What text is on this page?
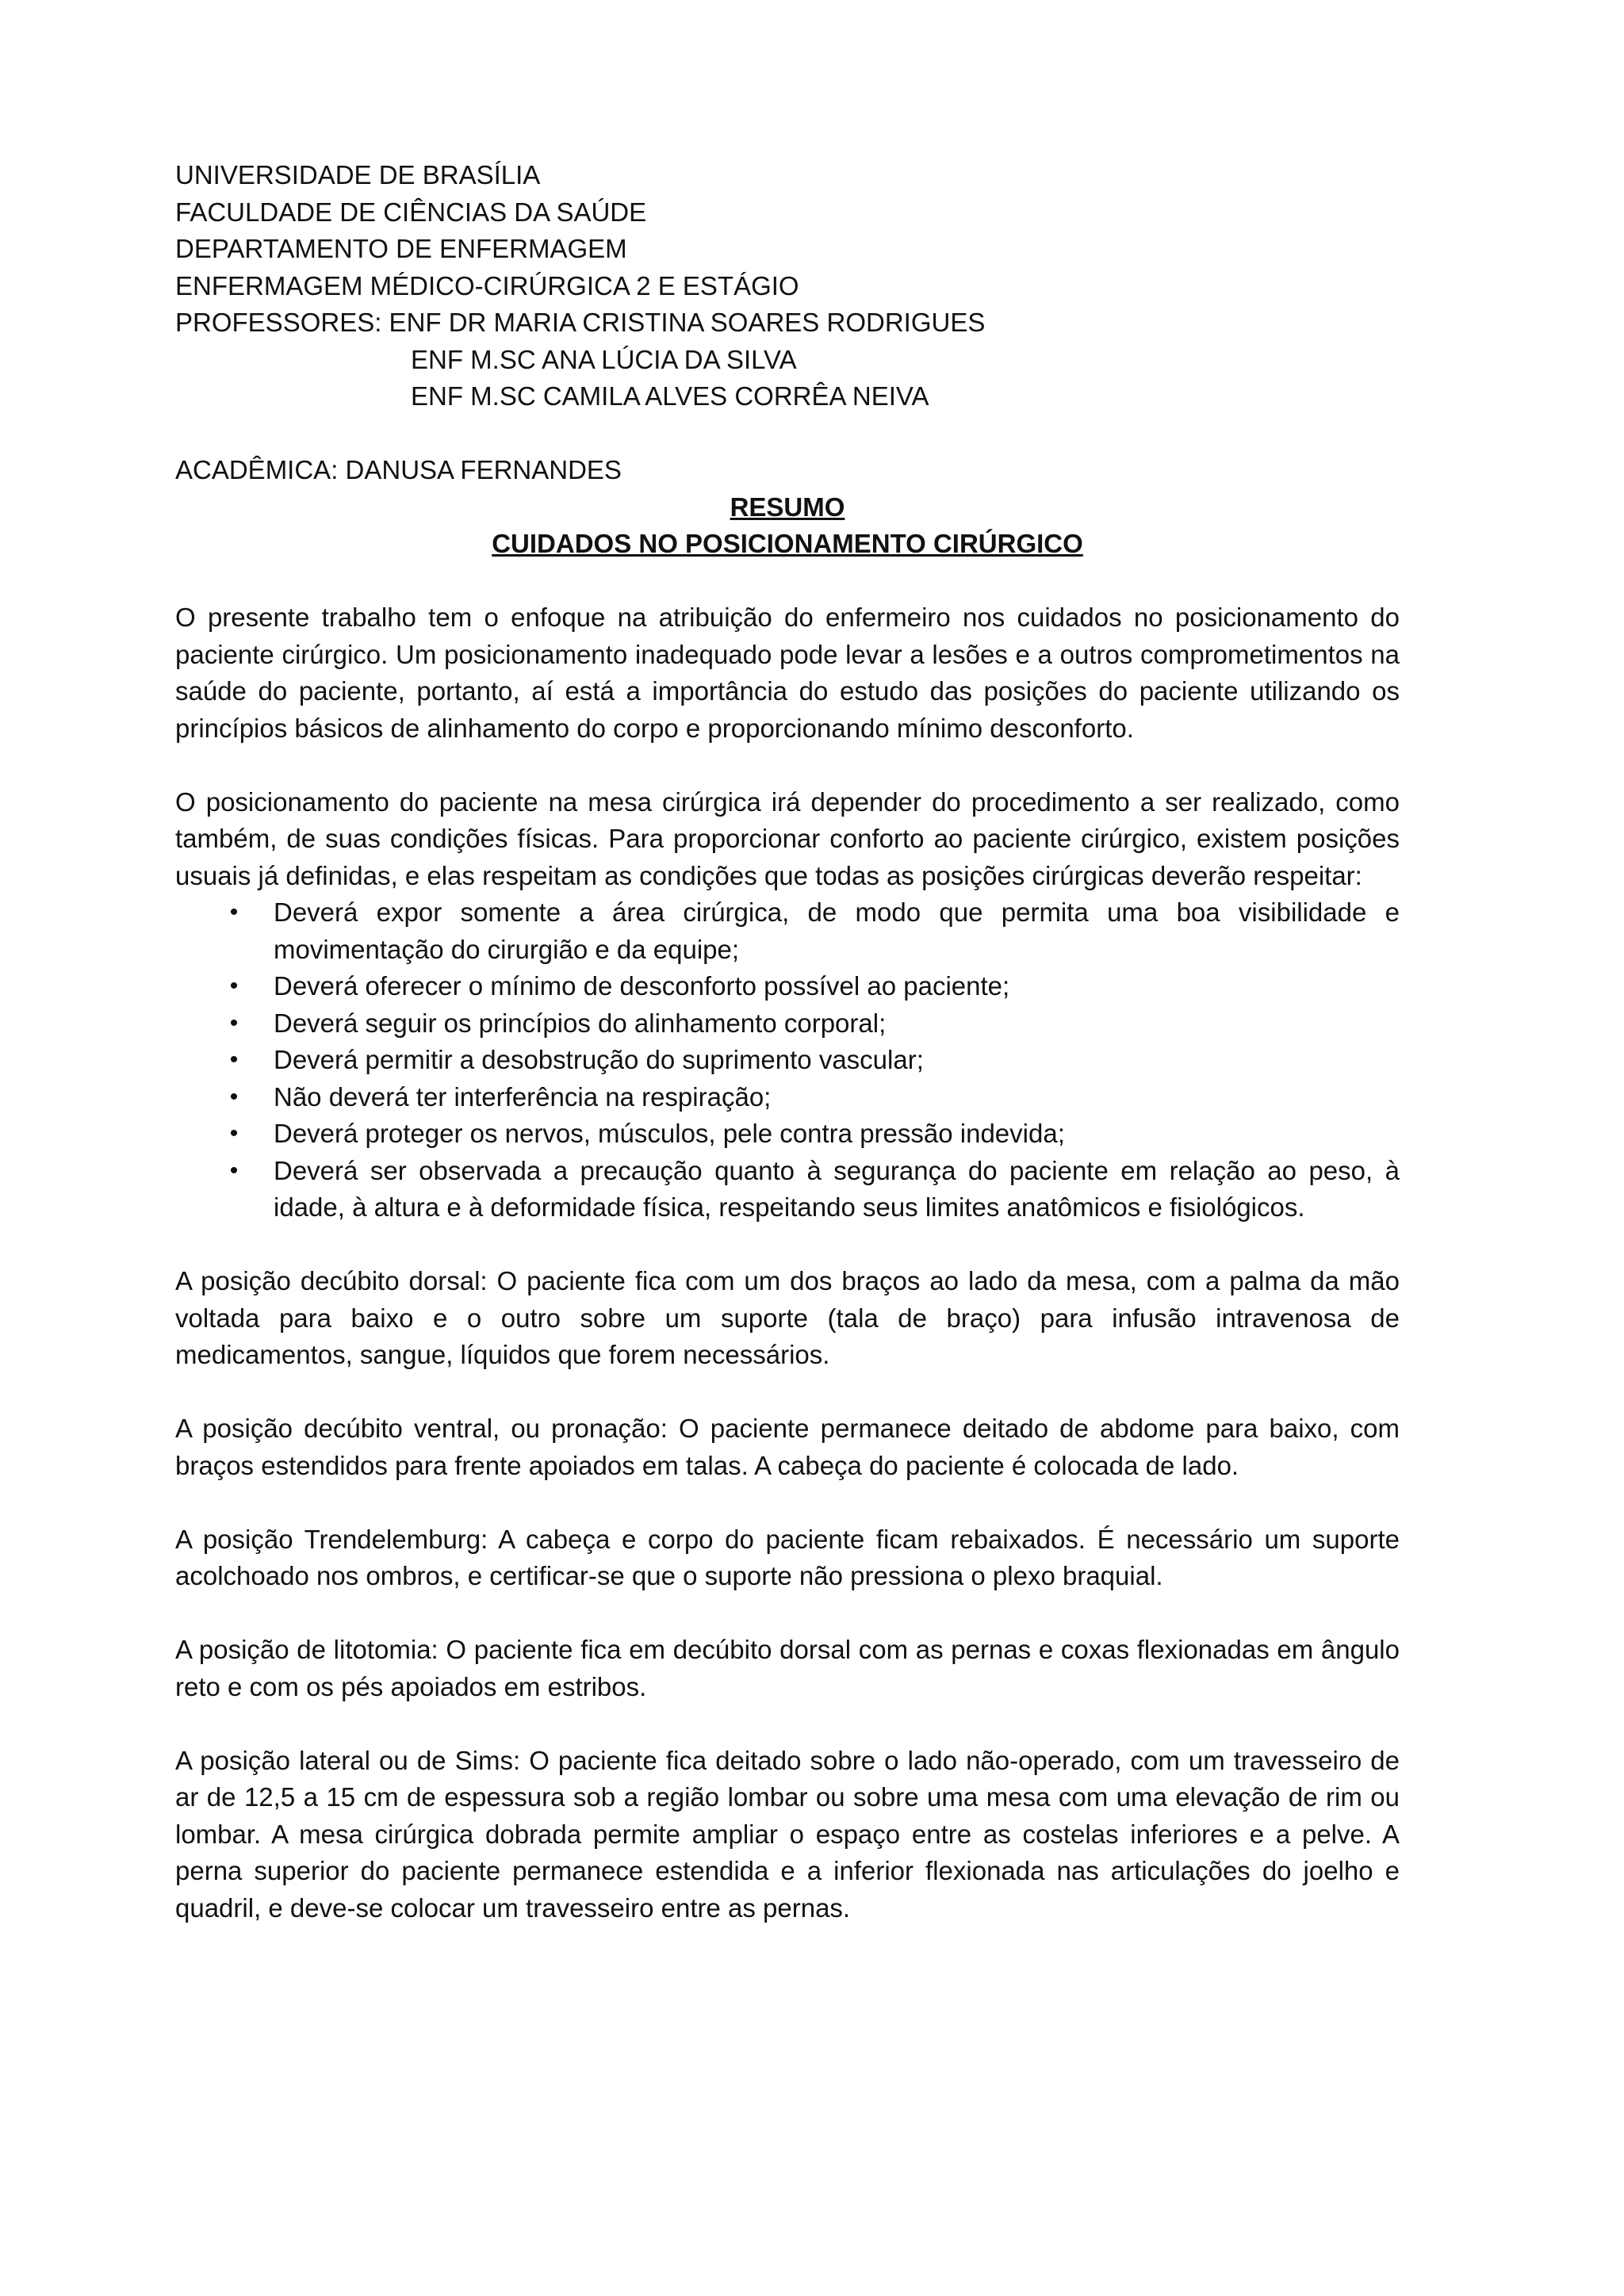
UNIVERSIDADE DE BRASÍLIA
FACULDADE DE CIÊNCIAS DA SAÚDE
DEPARTAMENTO DE ENFERMAGEM
ENFERMAGEM MÉDICO-CIRÚRGICA 2 E ESTÁGIO
PROFESSORES: ENF DR MARIA CRISTINA SOARES RODRIGUES
ENF M.SC ANA LÚCIA DA SILVA
ENF M.SC CAMILA ALVES CORRÊA NEIVA
ACADÊMICA: DANUSA FERNANDES
RESUMO
CUIDADOS NO POSICIONAMENTO CIRÚRGICO

O presente trabalho tem o enfoque na atribuição do enfermeiro nos cuidados no posicionamento do paciente cirúrgico. Um posicionamento inadequado pode levar a lesões e a outros comprometimentos na saúde do paciente, portanto, aí está a importância do estudo das posições do paciente utilizando os princípios básicos de alinhamento do corpo e proporcionando mínimo desconforto.

O posicionamento do paciente na mesa cirúrgica irá depender do procedimento a ser realizado, como também, de suas condições físicas. Para proporcionar conforto ao paciente cirúrgico, existem posições usuais já definidas, e elas respeitam as condições que todas as posições cirúrgicas deverão respeitar:

• Deverá expor somente a área cirúrgica, de modo que permita uma boa visibilidade e movimentação do cirurgião e da equipe;
• Deverá oferecer o mínimo de desconforto possível ao paciente;
• Deverá seguir os princípios do alinhamento corporal;
• Deverá permitir a desobstrução do suprimento vascular;
• Não deverá ter interferência na respiração;
• Deverá proteger os nervos, músculos, pele contra pressão indevida;
• Deverá ser observada a precaução quanto à segurança do paciente em relação ao peso, à idade, à altura e à deformidade física, respeitando seus limites anatômicos e fisiológicos.

A posição decúbito dorsal: O paciente fica com um dos braços ao lado da mesa, com a palma da mão voltada para baixo e o outro sobre um suporte (tala de braço) para infusão intravenosa de medicamentos, sangue, líquidos que forem necessários.

A posição decúbito ventral, ou pronação: O paciente permanece deitado de abdome para baixo, com braços estendidos para frente apoiados em talas. A cabeça do paciente é colocada de lado.

A posição Trendelemburg: A cabeça e corpo do paciente ficam rebaixados. É necessário um suporte acolchoado nos ombros, e certificar-se que o suporte não pressiona o plexo braquial.

A posição de litotomia: O paciente fica em decúbito dorsal com as pernas e coxas flexionadas em ângulo reto e com os pés apoiados em estribos.

A posição lateral ou de Sims: O paciente fica deitado sobre o lado não-operado, com um travesseiro de ar de 12,5 a 15 cm de espessura sob a região lombar ou sobre uma mesa com uma elevação de rim ou lombar. A mesa cirúrgica dobrada permite ampliar o espaço entre as costelas inferiores e a pelve. A perna superior do paciente permanece estendida e a inferior flexionada nas articulações do joelho e quadril, e deve-se colocar um travesseiro entre as pernas.
